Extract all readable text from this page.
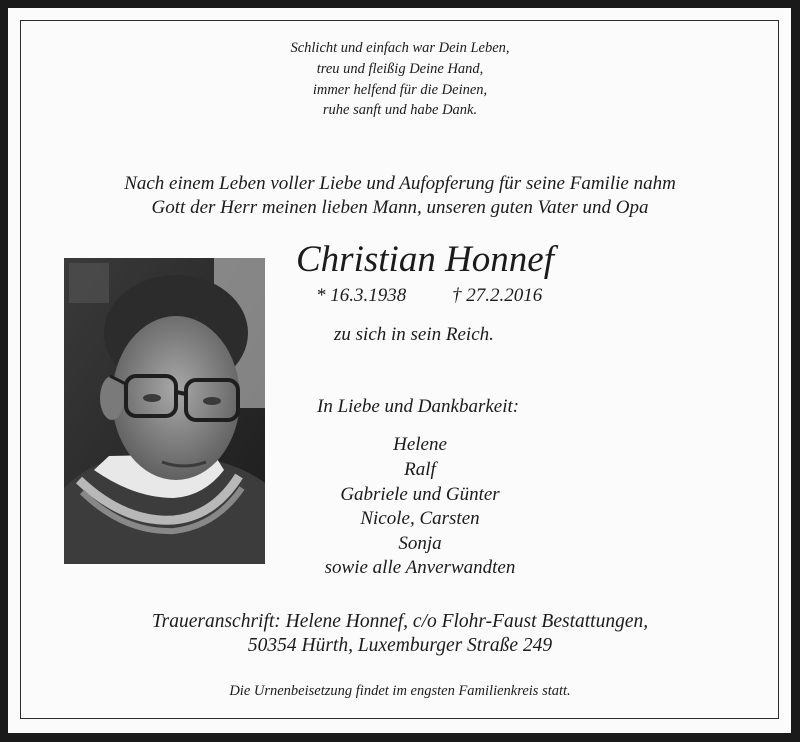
Schlicht und einfach war Dein Leben,
treu und fleißig Deine Hand,
immer helfend für die Deinen,
ruhe sanft und habe Dank.
Nach einem Leben voller Liebe und Aufopferung für seine Familie nahm
Gott der Herr meinen lieben Mann, unseren guten Vater und Opa
Christian Honnef
* 16.3.1938 † 27.2.2016
zu sich in sein Reich.
In Liebe und Dankbarkeit:
Helene
Ralf
Gabriele und Günter
Nicole, Carsten
Sonja
sowie alle Anverwandten
Traueranschrift: Helene Honnef, c/o Flohr-Faust Bestattungen,
50354 Hürth, Luxemburger Straße 249
Die Urnenbeisetzung findet im engsten Familienkreis statt.
